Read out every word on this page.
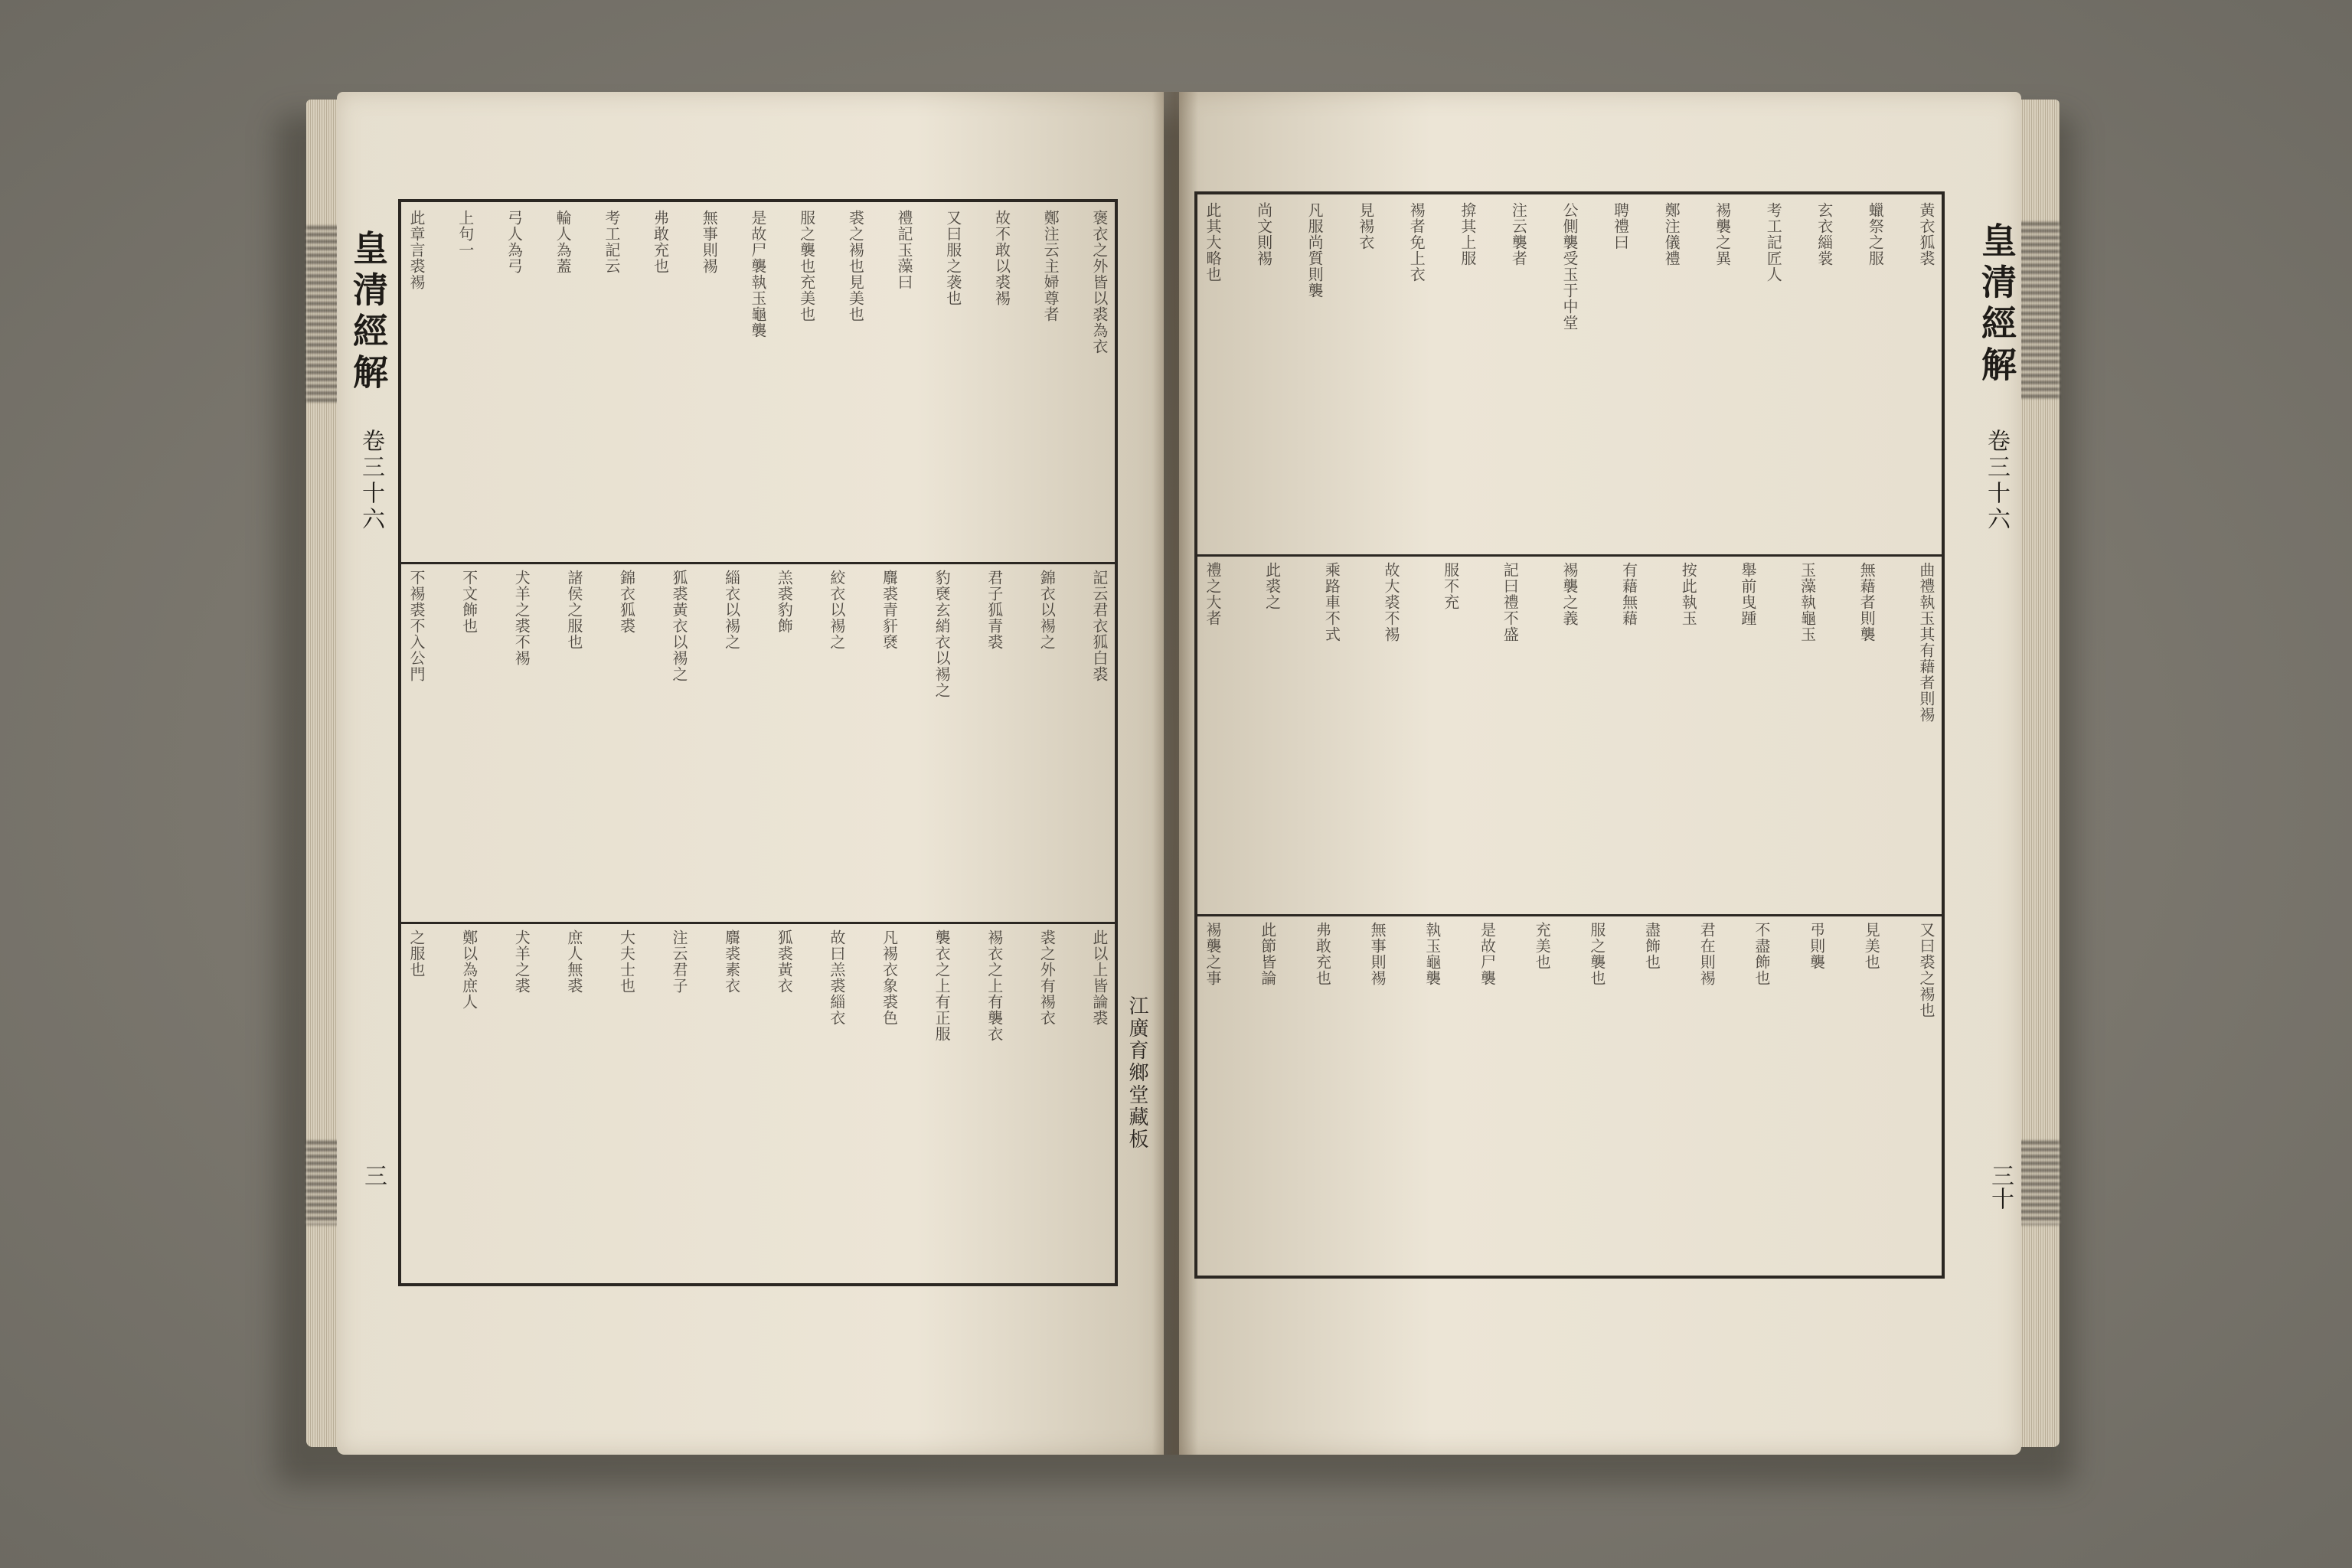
皇清經解
卷三十六
三
江廣育鄉堂藏板
褒衣之外皆以裘為衣
鄭注云主婦尊者
故不敢以裘裼
又曰服之袭也
禮記玉藻曰
裘之裼也見美也
服之襲也充美也
是故尸襲執玉龜襲
無事則裼
弗敢充也
考工記云
輪人為蓋
弓人為弓
上句一
此章言裘裼
記云君衣狐白裘
錦衣以裼之
君子狐青裘
豹褎玄綃衣以裼之
麛裘青豻褎
絞衣以裼之
羔裘豹飾
緇衣以裼之
狐裘黃衣以裼之
錦衣狐裘
諸侯之服也
犬羊之裘不裼
不文飾也
不裼裘不入公門
此以上皆論裘
裘之外有裼衣
裼衣之上有襲衣
襲衣之上有正服
凡裼衣象裘色
故曰羔裘緇衣
狐裘黃衣
麛裘素衣
注云君子
大夫士也
庶人無裘
犬羊之裘
鄭以為庶人
之服也
皇清經解
卷三十六
三十
黃衣狐裘
蠟祭之服
玄衣緇裳
考工記匠人
裼襲之異
鄭注儀禮
聘禮曰
公側襲受玉于中堂
注云襲者
揜其上服
裼者免上衣
見裼衣
凡服尚質則襲
尚文則裼
此其大略也
曲禮執玉其有藉者則裼
無藉者則襲
玉藻執龜玉
舉前曳踵
按此執玉
有藉無藉
裼襲之義
記曰禮不盛
服不充
故大裘不裼
乘路車不式
此裘之
禮之大者
又曰裘之裼也
見美也
弔則襲
不盡飾也
君在則裼
盡飾也
服之襲也
充美也
是故尸襲
執玉龜襲
無事則裼
弗敢充也
此節皆論
裼襲之事
